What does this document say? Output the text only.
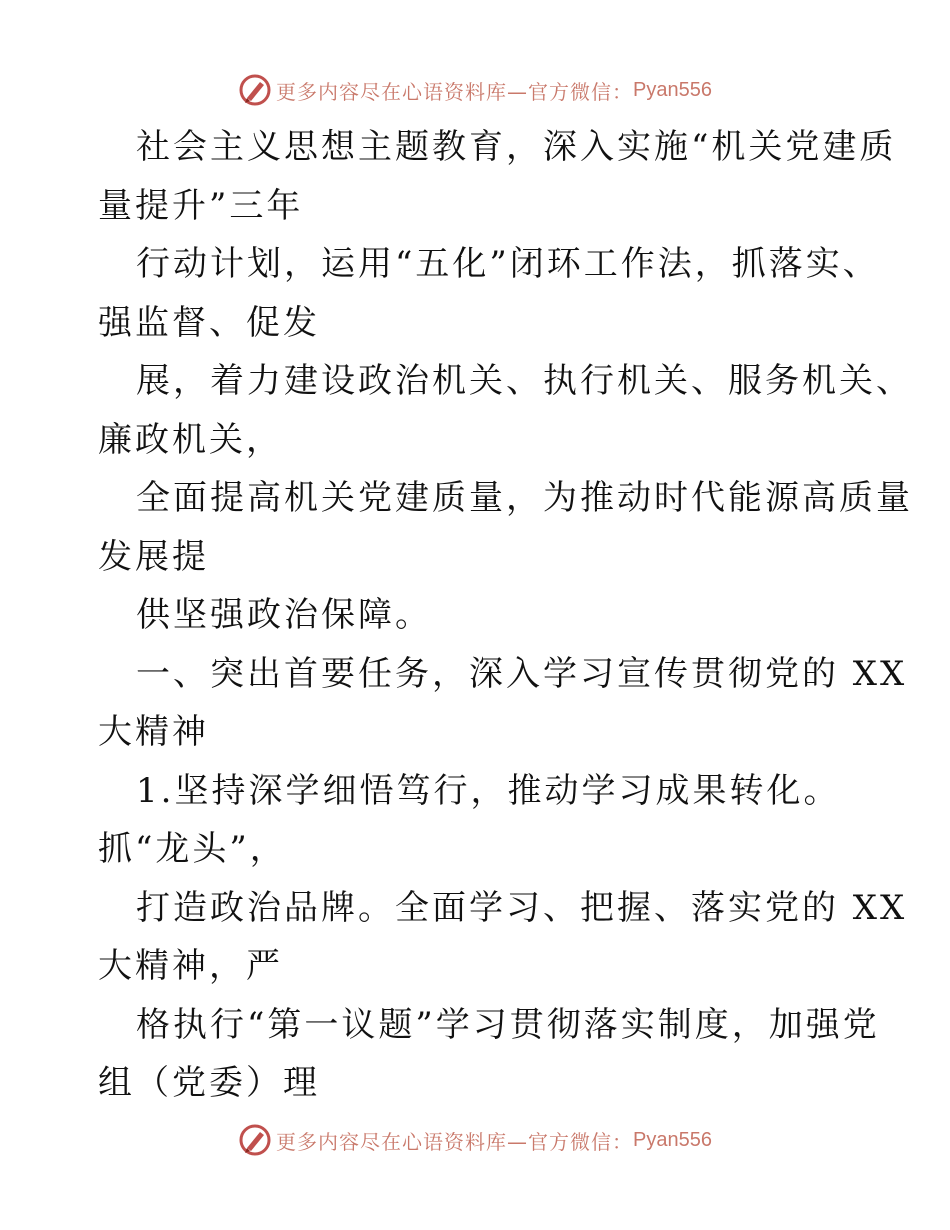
更多内容尽在心语资料库—官方微信： Pyan556

社会主义思想主题教育，深入实施“机关党建质
量提升”三年

行动计划，运用“五化”闭环工作法，抓落实、
强监督、促发

展，着力建设政治机关、执行机关、服务机关、
廉政机关，

全面提高机关党建质量，为推动时代能源高质量
发展提

供坚强政治保障。

一、突出首要任务，深入学习宣传贯彻党的 XX
大精神

1.坚持深学细悟笃行，推动学习成果转化。
抓“龙头”，

打造政治品牌。全面学习、把握、落实党的 XX
大精神，严

格执行“第一议题”学习贯彻落实制度，加强党
组（党委）理

更多内容尽在心语资料库—官方微信： Pyan556
